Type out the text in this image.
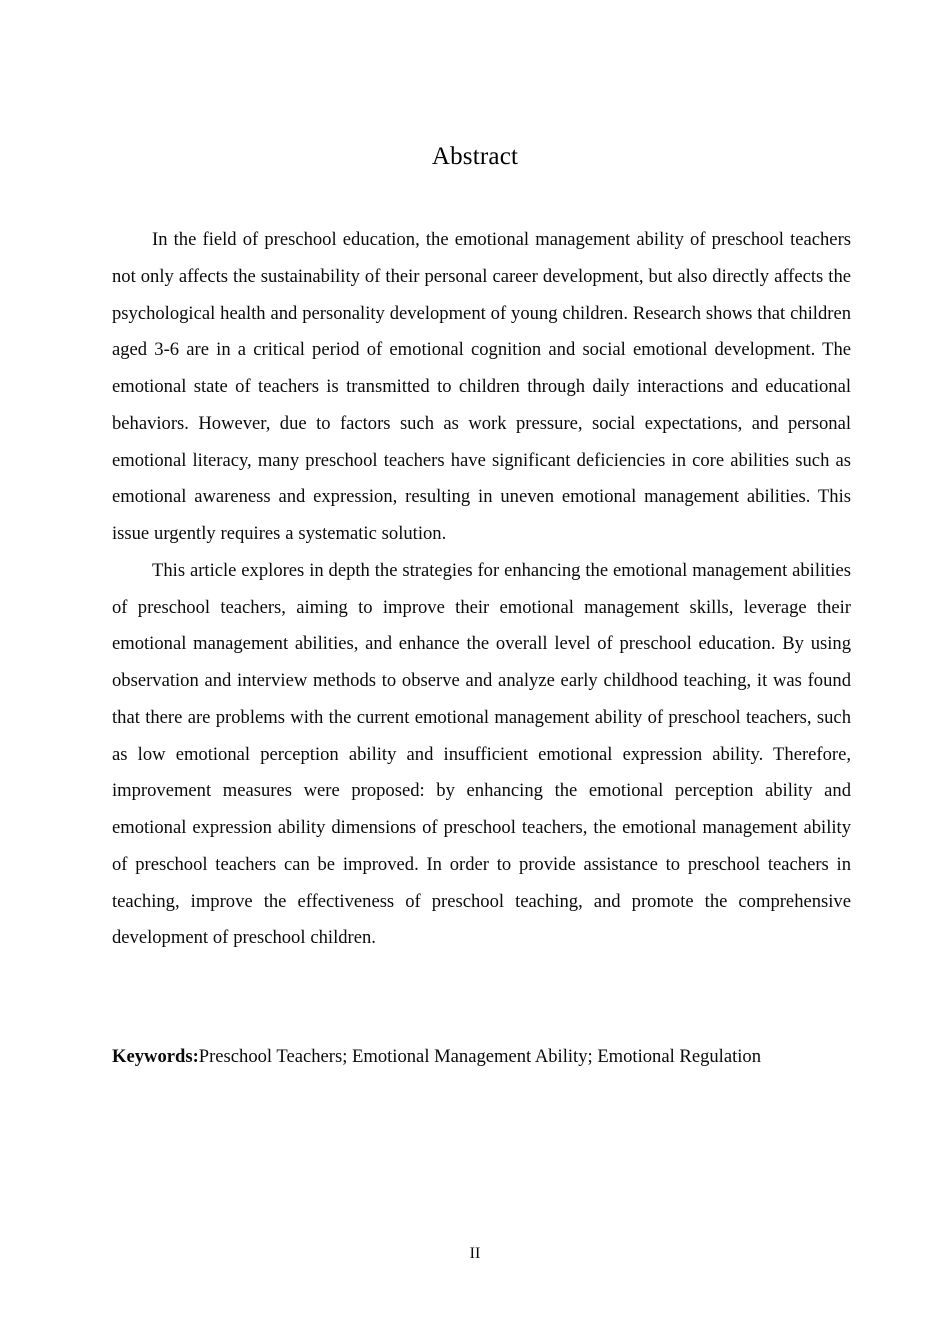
Abstract

In the field of preschool education, the emotional management ability of preschool teachers not only affects the sustainability of their personal career development, but also directly affects the psychological health and personality development of young children. Research shows that children aged 3-6 are in a critical period of emotional cognition and social emotional development. The emotional state of teachers is transmitted to children through daily interactions and educational behaviors. However, due to factors such as work pressure, social expectations, and personal emotional literacy, many preschool teachers have significant deficiencies in core abilities such as emotional awareness and expression, resulting in uneven emotional management abilities. This issue urgently requires a systematic solution.

This article explores in depth the strategies for enhancing the emotional management abilities of preschool teachers, aiming to improve their emotional management skills, leverage their emotional management abilities, and enhance the overall level of preschool education. By using observation and interview methods to observe and analyze early childhood teaching, it was found that there are problems with the current emotional management ability of preschool teachers, such as low emotional perception ability and insufficient emotional expression ability. Therefore, improvement measures were proposed: by enhancing the emotional perception ability and emotional expression ability dimensions of preschool teachers, the emotional management ability of preschool teachers can be improved. In order to provide assistance to preschool teachers in teaching, improve the effectiveness of preschool teaching, and promote the comprehensive development of preschool children.

Keywords:Preschool Teachers; Emotional Management Ability; Emotional Regulation
II
